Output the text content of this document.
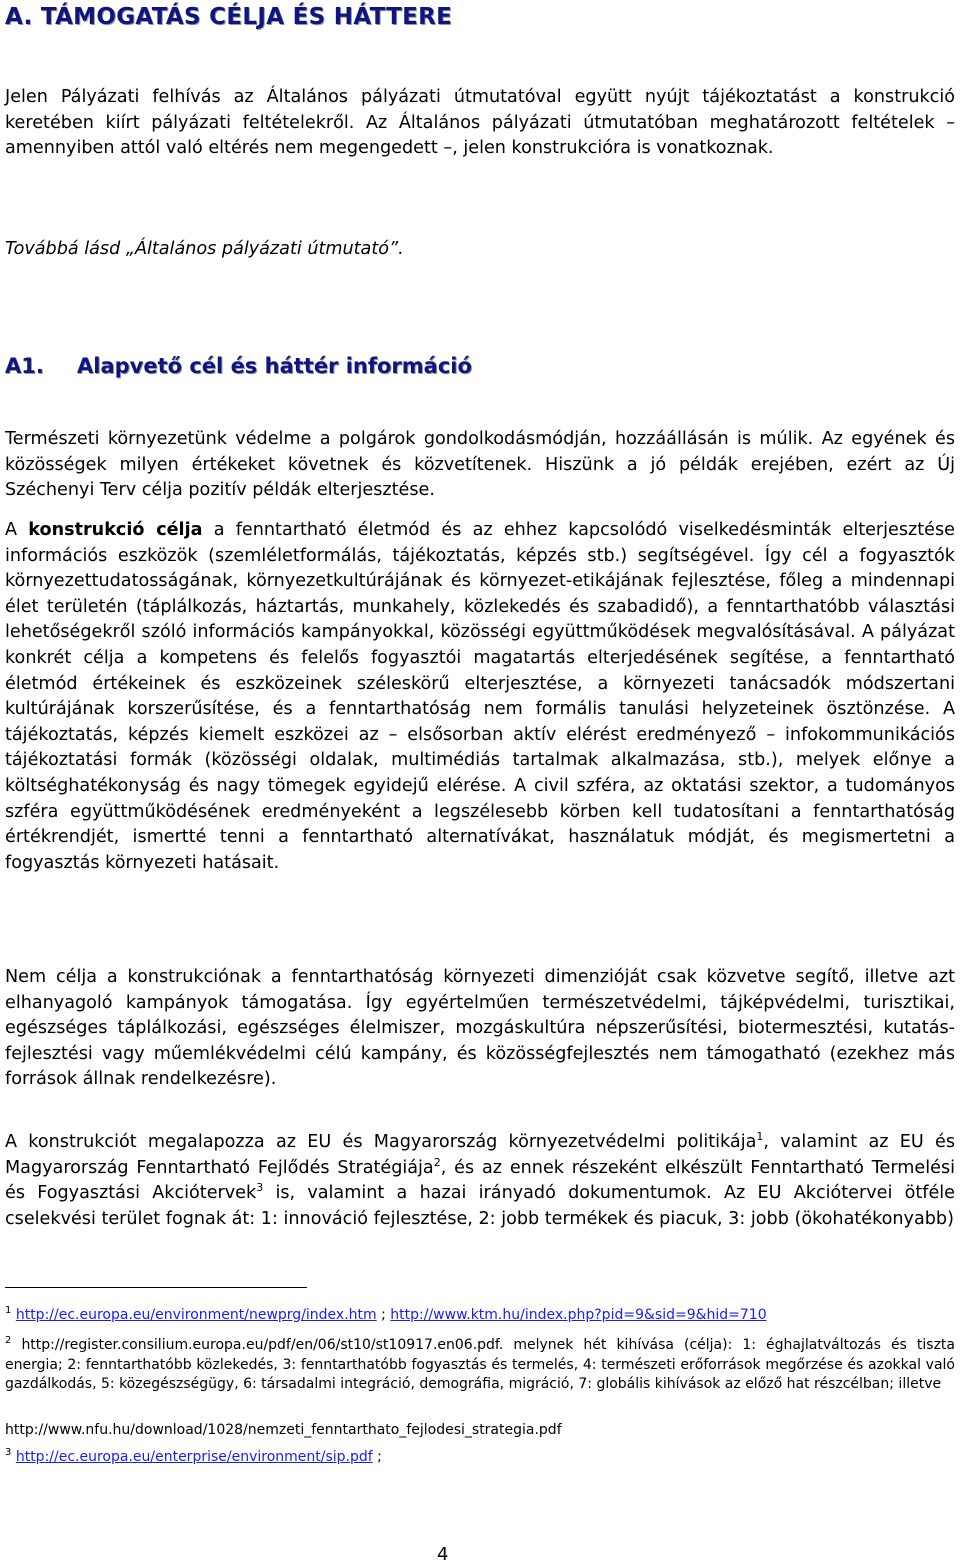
A. TÁMOGATÁS CÉLJA ÉS HÁTTERE
Jelen Pályázati felhívás az Általános pályázati útmutatóval együtt nyújt tájékoztatást a konstrukció keretében kiírt pályázati feltételekről. Az Általános pályázati útmutatóban meghatározott feltételek – amennyiben attól való eltérés nem megengedett –, jelen konstrukcióra is vonatkoznak.
Továbbá lásd „Általános pályázati útmutató”.
A1. Alapvető cél és háttér információ
Természeti környezetünk védelme a polgárok gondolkodásmódján, hozzáállásán is múlik. Az egyének és közösségek milyen értékeket követnek és közvetítenek. Hiszünk a jó példák erejében, ezért az Új Széchenyi Terv célja pozitív példák elterjesztése.
A konstrukció célja a fenntartható életmód és az ehhez kapcsolódó viselkedésminták elterjesztése információs eszközök (szemléletformálás, tájékoztatás, képzés stb.) segítségével. Így cél a fogyasztók környezettudatosságának, környezetkultúrájának és környezet-etikájának fejlesztése, főleg a mindennapi élet területén (táplálkozás, háztartás, munkahely, közlekedés és szabadidő), a fenntarthatóbb választási lehetőségekről szóló információs kampányokkal, közösségi együttműködések megvalósításával. A pályázat konkrét célja a kompetens és felelős fogyasztói magatartás elterjedésének segítése, a fenntartható életmód értékeinek és eszközeinek széleskörű elterjesztése, a környezeti tanácsadók módszertani kultúrájának korszerűsítése, és a fenntarthatóság nem formális tanulási helyzeteinek ösztönzése. A tájékoztatás, képzés kiemelt eszközei az – elsősorban aktív elérést eredményező – infokommunikációs tájékoztatási formák (közösségi oldalak, multimédiás tartalmak alkalmazása, stb.), melyek előnye a költséghatékonyság és nagy tömegek egyidejű elérése. A civil szféra, az oktatási szektor, a tudományos szféra együttműködésének eredményeként a legszélesebb körben kell tudatosítani a fenntarthatóság értékrendjét, ismertté tenni a fenntartható alternatívákat, használatuk módját, és megismertetni a fogyasztás környezeti hatásait.
Nem célja a konstrukciónak a fenntarthatóság környezeti dimenzióját csak közvetve segítő, illetve azt elhanyagoló kampányok támogatása. Így egyértelműen természetvédelmi, tájképvédelmi, turisztikai, egészséges táplálkozási, egészséges élelmiszer, mozgáskultúra népszerűsítési, biotermesztési, kutatás-fejlesztési vagy műemlékvédelmi célú kampány, és közösségfejlesztés nem támogatható (ezekhez más források állnak rendelkezésre).
A konstrukciót megalapozza az EU és Magyarország környezetvédelmi politikája$^1$, valamint az EU és Magyarország Fenntartható Fejlődés Stratégiája$^2$, és az ennek részeként elkészült Fenntartható Termelési és Fogyasztási Akciótervek$^3$ is, valamint a hazai irányadó dokumentumok. Az EU Akciótervei ötféle cselekvési terület fognak át: 1: innováció fejlesztése, 2: jobb termékek és piacuk, 3: jobb (ökohatékonyabb)
$^1$ http://ec.europa.eu/environment/newprg/index.htm ; http://www.ktm.hu/index.php?pid=9&sid=9&hid=710
$^2$ http://register.consilium.europa.eu/pdf/en/06/st10/st10917.en06.pdf. melynek hét kihívása (célja): 1: éghajlatváltozás és tiszta energia; 2: fenntarthatóbb közlekedés, 3: fenntarthatóbb fogyasztás és termelés, 4: természeti erőforrások megőrzése és azokkal való gazdálkodás, 5: közegészségügy, 6: társadalmi integráció, demográfia, migráció, 7: globális kihívások az előző hat részcélban; illetve
http://www.nfu.hu/download/1028/nemzeti_fenntarthato_fejlodesi_strategia.pdf
$^3$ http://ec.europa.eu/enterprise/environment/sip.pdf ;
4
